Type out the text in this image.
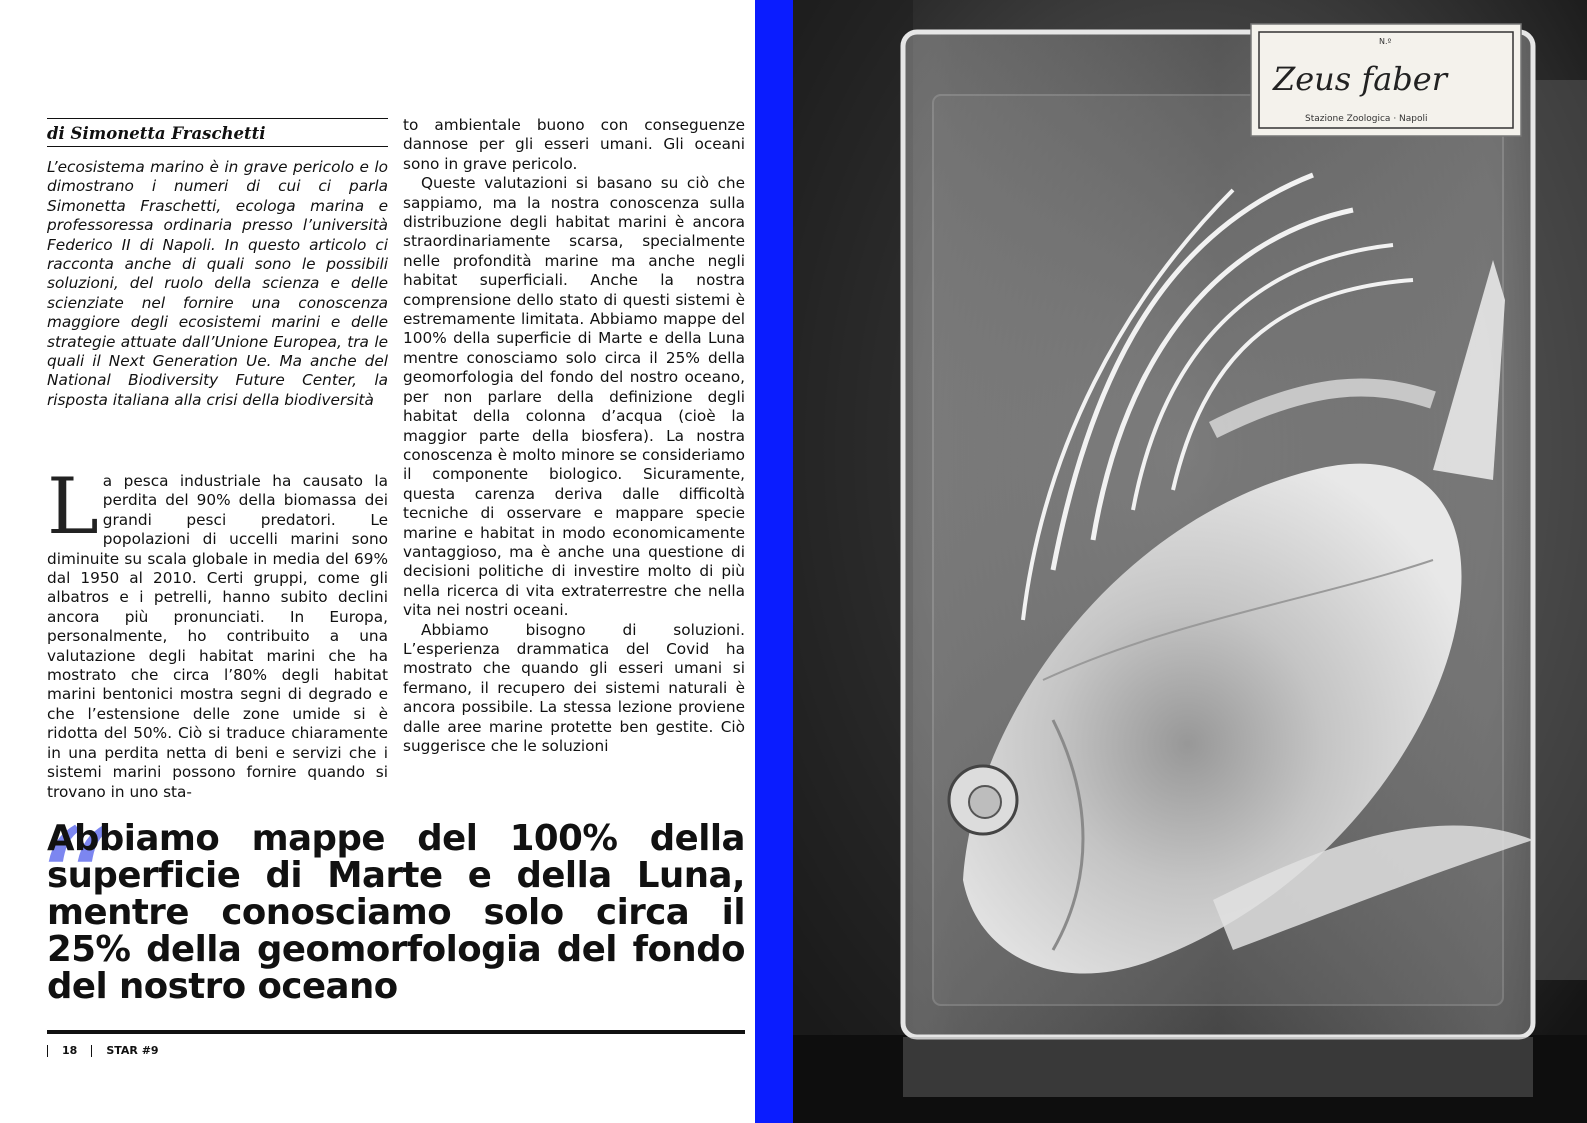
di Simonetta Fraschetti

L’ecosistema marino è in grave pericolo e lo dimostrano i numeri di cui ci parla Simonetta Fraschetti, ecologa marina e professoressa ordinaria presso l’università Federico II di Napoli. In questo articolo ci racconta anche di quali sono le possibili soluzioni, del ruolo della scienza e delle scienziate nel fornire una conoscenza maggiore degli ecosistemi marini e delle strategie attuate dall’Unione Europea, tra le quali il Next Generation Ue. Ma anche del National Biodiversity Future Center, la risposta italiana alla crisi della biodiversità

L a pesca industriale ha causato la perdita del 90% della biomassa dei grandi pesci predatori. Le popolazioni di uccelli marini sono diminuite su scala globale in media del 69% dal 1950 al 2010. Certi gruppi, come gli albatros e i petrelli, hanno subito declini ancora più pronunciati. In Europa, personalmente, ho contribuito a una valutazione degli habitat marini che ha mostrato che circa l’80% degli habitat marini bentonici mostra segni di degrado e che l’estensione delle zone umide si è ridotta del 50%. Ciò si traduce chiaramente in una perdita netta di beni e servizi che i sistemi marini possono fornire quando si trovano in uno sta-

to ambientale buono con conseguenze dannose per gli esseri umani. Gli oceani sono in grave pericolo.

Queste valutazioni si basano su ciò che sappiamo, ma la nostra conoscenza sulla distribuzione degli habitat marini è ancora straordinariamente scarsa, specialmente nelle profondità marine ma anche negli habitat superficiali. Anche la nostra comprensione dello stato di questi sistemi è estremamente limitata. Abbiamo mappe del 100% della superficie di Marte e della Luna mentre conosciamo solo circa il 25% della geomorfologia del fondo del nostro oceano, per non parlare della definizione degli habitat della colonna d’acqua (cioè la maggior parte della biosfera). La nostra conoscenza è molto minore se consideriamo il componente biologico. Sicuramente, questa carenza deriva dalle difficoltà tecniche di osservare e mappare specie marine e habitat in modo economicamente vantaggioso, ma è anche una questione di decisioni politiche di investire molto di più nella ricerca di vita extraterrestre che nella vita nei nostri oceani.

Abbiamo bisogno di soluzioni. L’esperienza drammatica del Covid ha mostrato che quando gli esseri umani si fermano, il recupero dei sistemi naturali è ancora possibile. La stessa lezione proviene dalle aree marine protette ben gestite. Ciò suggerisce che le soluzioni

“

Abbiamo mappe del 100% della superficie di Marte e della Luna, mentre conosciamo solo circa il 25% della geomorfologia del fondo del nostro oceano

18	STAR #9
N.º
Zeus faber
Stazione Zoologica · Napoli
